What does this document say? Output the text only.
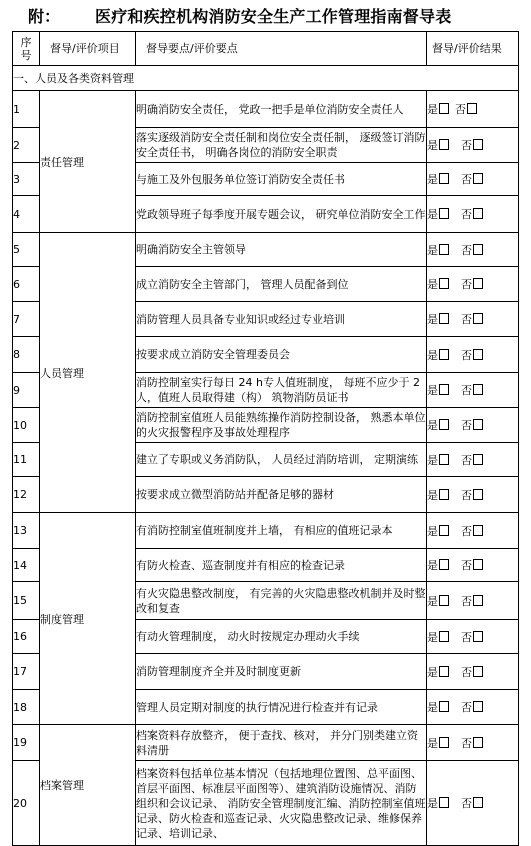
附： 医疗和疾控机构消防安全生产工作管理指南督导表
序号	督导/评价项目	督导要点/评价要点	督导/评价结果
一、人员及各类资料管理			
1	责任管理	明确消防安全责任， 党政一把手是单位消防安全责任人	是 否
2		落实逐级消防安全责任制和岗位安全责任制， 逐级签订消防安全责任书， 明确各岗位的消防安全职责	是 否
3		与施工及外包服务单位签订消防安全责任书	是 否
4		党政领导班子每季度开展专题会议， 研究单位消防安全工作	是 否
5	人员管理	明确消防安全主管领导	是 否
6		成立消防安全主管部门， 管理人员配备到位	是 否
7		消防管理人员具备专业知识或经过专业培训	是 否
8		按要求成立消防安全管理委员会	是 否
9		消防控制室实行每日 24 h专人值班制度， 每班不应少于 2人，值班人员取得建（构） 筑物消防员证书	是 否
10		消防控制室值班人员能熟练操作消防控制设备， 熟悉本单位的火灾报警程序及事故处理程序	是 否
11		建立了专职或义务消防队， 人员经过消防培训， 定期演练	是 否
12		按要求成立微型消防站并配备足够的器材	是 否
13	制度管理	有消防控制室值班制度并上墙， 有相应的值班记录本	是 否
14		有防火检查、巡查制度并有相应的检查记录	是 否
15		有火灾隐患整改制度， 有完善的火灾隐患整改机制并及时整改和复查	是 否
16		有动火管理制度， 动火时按规定办理动火手续	是 否
17		消防管理制度齐全并及时制度更新	是 否
18		管理人员定期对制度的执行情况进行检查并有记录	是 否
19	档案管理	档案资料存放整齐， 便于查找、核对， 并分门别类建立资料清册	是 否
20		档案资料包括单位基本情况（包括地理位置图、总平面图、首层平面图、标准层平面图等）、建筑消防设施情况、消防组织和会议记录、 消防安全管理制度汇编、消防控制室值班记录、防火检查和巡查记录、火灾隐患整改记录、维修保养记录、培训记录、	是 否
